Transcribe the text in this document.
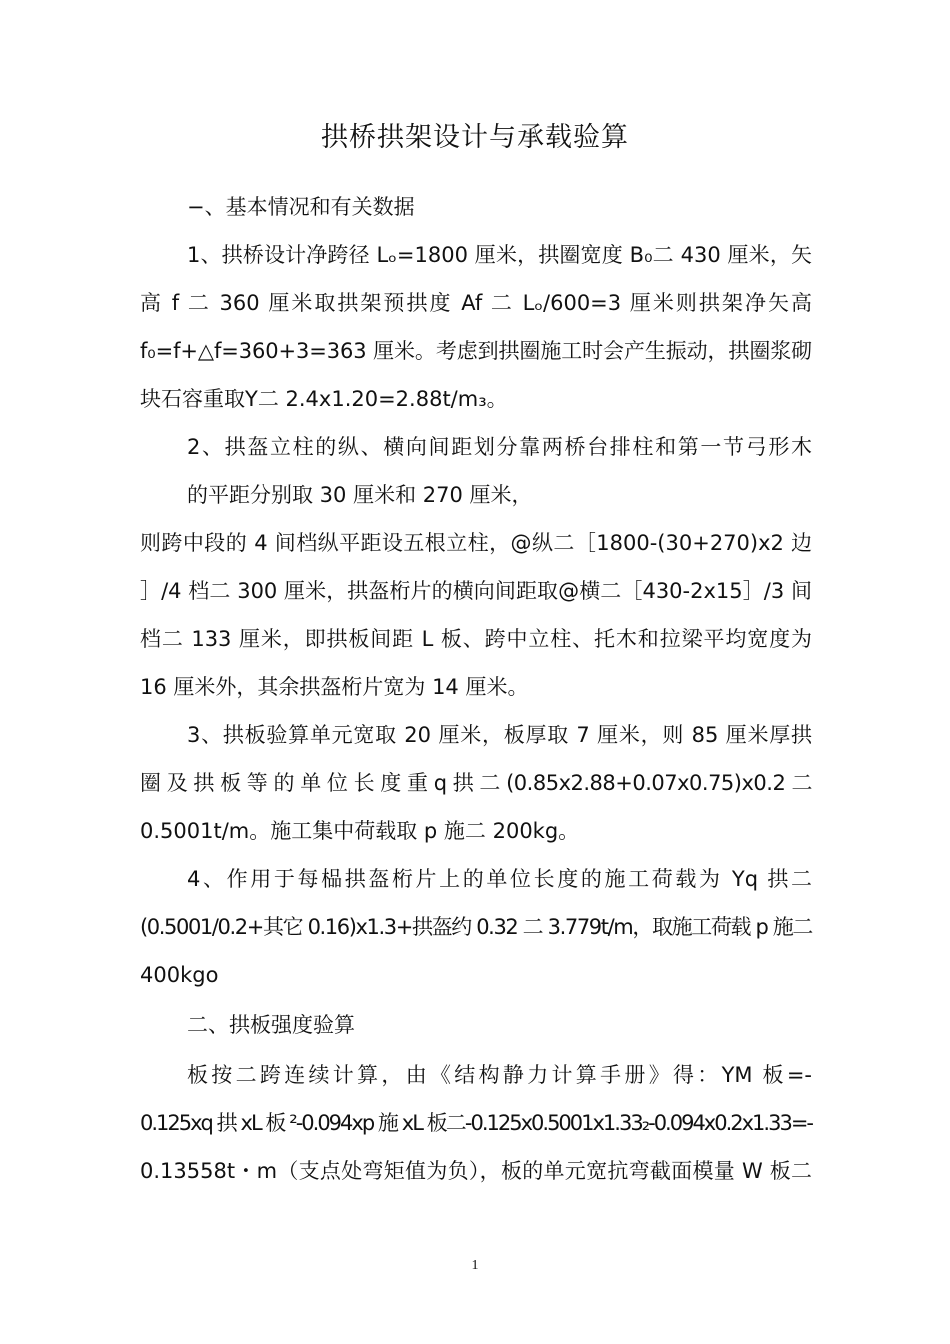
拱桥拱架设计与承载验算
−、基本情况和有关数据
1、拱桥设计净跨径 Lₒ=1800 厘米，拱圈宽度 B₀二 430 厘米，矢
高 f 二 360 厘米取拱架预拱度 Af 二 Lₒ/600=3 厘米则拱架净矢高
f₀=f+△f=360+3=363 厘米。考虑到拱圈施工时会产生振动，拱圈浆砌
块石容重取Y二 2.4x1.20=2.88t/m₃。
2、拱盔立柱的纵、横向间距划分靠两桥台排柱和第一节弓形木
的平距分别取 30 厘米和 270 厘米，
则跨中段的 4 间档纵平距设五根立柱，@纵二［1800-(30+270)x2 边
］/4 档二 300 厘米，拱盔桁片的横向间距取@横二［430-2x15］/3 间
档二 133 厘米，即拱板间距 L 板、跨中立柱、托木和拉梁平均宽度为
16 厘米外，其余拱盔桁片宽为 14 厘米。
3、拱板验算单元宽取 20 厘米，板厚取 7 厘米，则 85 厘米厚拱
圈 及 拱 板 等 的 单 位 长 度 重 q 拱 二 (0.85x2.88+0.07x0.75)x0.2 二
0.5001t/m。施工集中荷载取 p 施二 200kg。
4、作用于每榀拱盔桁片上的单位长度的施工荷载为 Yq 拱二
(0.5001/0.2+其它 0.16)x1.3+拱盔约 0.32 二 3.779t/m，取施工荷载 p 施二
400kgo
二、拱板强度验算
板按二跨连续计算，由《结构静力计算手册》得：YM 板=-
0.125xq 拱 xL 板 ²-0.094xp 施 xL 板二-0.125x0.5001x1.33₂-0.094x0.2x1.33=-
0.13558t・m（支点处弯矩值为负），板的单元宽抗弯截面模量 W 板二
1
